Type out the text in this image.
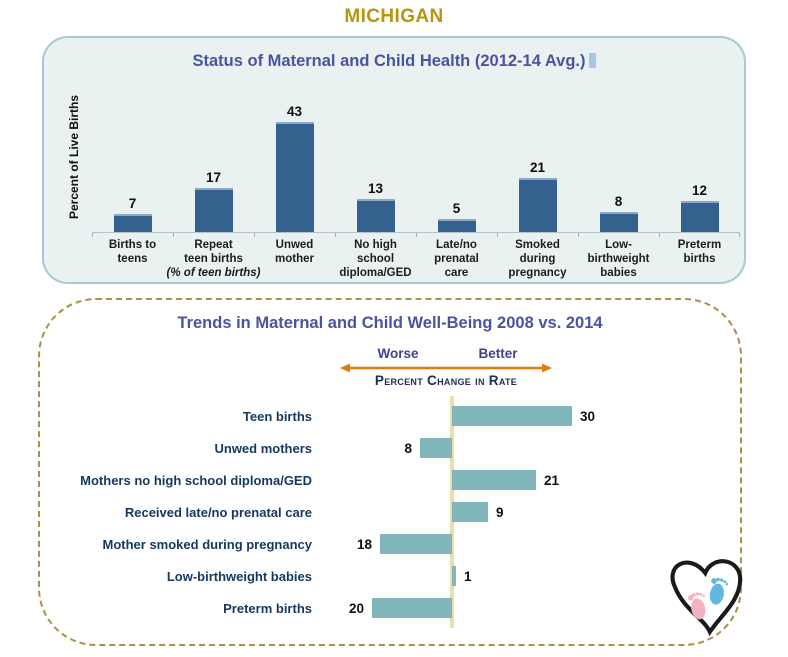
MICHIGAN
Status of Maternal and Child Health (2012-14 Avg.)
Percent of Live Births	7
17
43
13
5
21
8
12
Births to
teens
Repeat
teen births
(% of teen births)
Unwed
mother
No high
school
diploma/GED
Late/no
prenatal
care
Smoked
during
pregnancy
Low-
birthweight
babies
Preterm
births
Trends in Maternal and Child Well-Being 2008 vs. 2014
Worse	Better
Percent Change in Rate
Teen births	30
Unwed mothers	8
Mothers no high school diploma/GED	21
Received late/no prenatal care	9
Mother smoked during pregnancy	18
Low-birthweight babies	1
Preterm births	20
